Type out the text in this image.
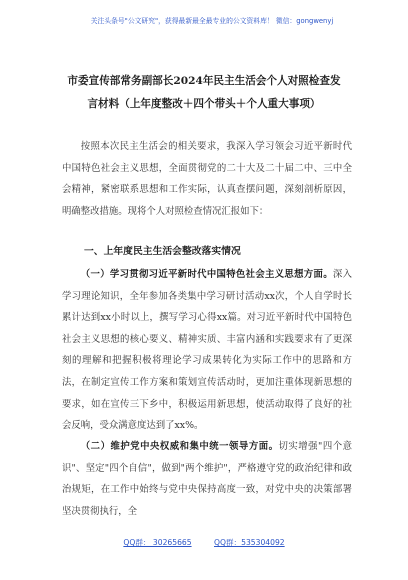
关注头条号"公文研究"，获得最新最全最专业的公文资料库！ 微信：gongwenyj
市委宣传部常务副部长2024年民主生活会个人对照检查发
言材料（上年度整改＋四个带头＋个人重大事项）

按照本次民主生活会的相关要求，我深入学习领会习近平新时代中国特色社会主义思想，全面贯彻党的二十大及二十届二中、三中全会精神，紧密联系思想和工作实际，认真查摆问题，深刻剖析原因，明确整改措施。现将个人对照检查情况汇报如下：

一、上年度民主生活会整改落实情况

（一）学习贯彻习近平新时代中国特色社会主义思想方面。深入学习理论知识，全年参加各类集中学习研讨活动xx次，个人自学时长累计达到xx小时以上，撰写学习心得xx篇。对习近平新时代中国特色社会主义思想的核心要义、精神实质、丰富内涵和实践要求有了更深刻的理解和把握积极将理论学习成果转化为实际工作中的思路和方法，在制定宣传工作方案和策划宣传活动时，更加注重体现新思想的要求，如在宣传三下乡中，积极运用新思想，使活动取得了良好的社会反响，受众满意度达到了xx%。

（二）维护党中央权威和集中统一领导方面。切实增强"四个意识"、坚定"四个自信"，做到"两个维护"，严格遵守党的政治纪律和政治规矩，在工作中始终与党中央保持高度一致，对党中央的决策部署坚决贯彻执行，全

QQ群： 30265665	QQ群：535304092
